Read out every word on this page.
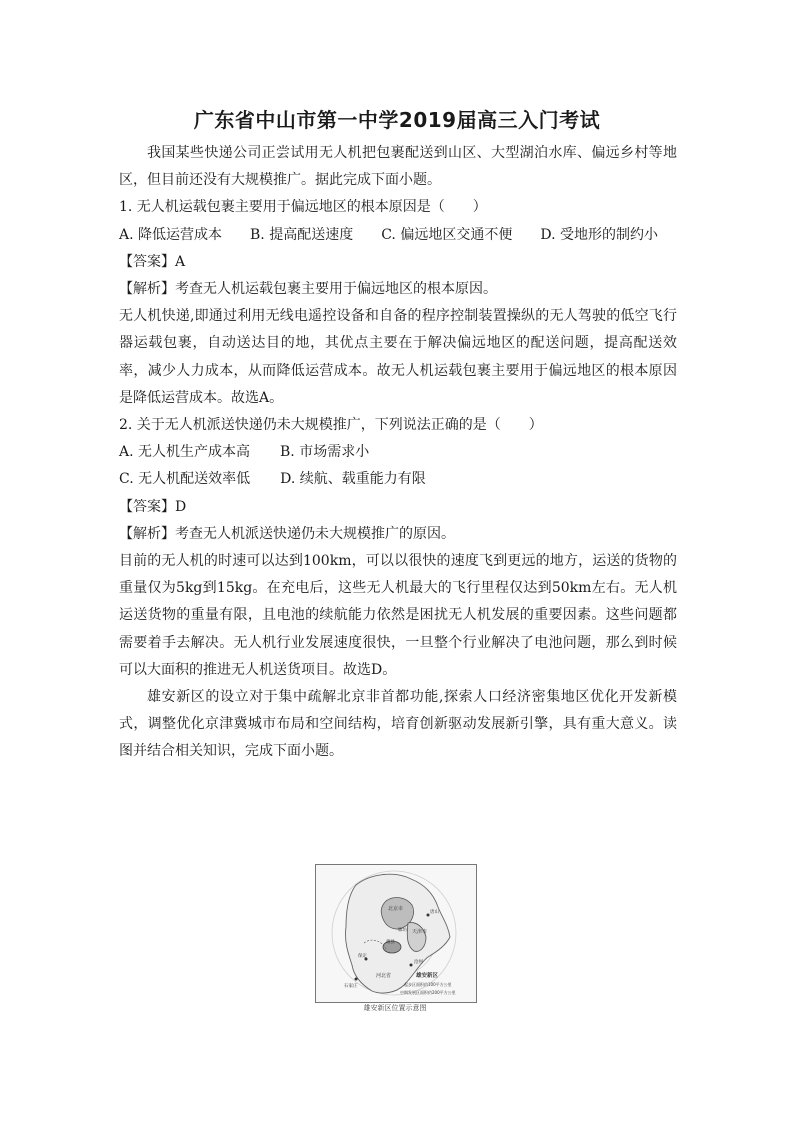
广东省中山市第一中学2019届高三入门考试

我国某些快递公司正尝试用无人机把包裹配送到山区、大型湖泊水库、偏远乡村等地区，但目前还没有大规模推广。据此完成下面小题。

1. 无人机运载包裹主要用于偏远地区的根本原因是（　　）

A. 降低运营成本 B. 提高配送速度 C. 偏远地区交通不便 D. 受地形的制约小

【答案】A

【解析】考查无人机运载包裹主要用于偏远地区的根本原因。

无人机快递,即通过利用无线电遥控设备和自备的程序控制装置操纵的无人驾驶的低空飞行器运载包裹，自动送达目的地，其优点主要在于解决偏远地区的配送问题，提高配送效率，减少人力成本，从而降低运营成本。故无人机运载包裹主要用于偏远地区的根本原因是降低运营成本。故选A。

2. 关于无人机派送快递仍未大规模推广，下列说法正确的是（　　）

A. 无人机生产成本高 B. 市场需求小

C. 无人机配送效率低 D. 续航、载重能力有限

【答案】D

【解析】考查无人机派送快递仍未大规模推广的原因。

目前的无人机的时速可以达到100km，可以以很快的速度飞到更远的地方，运送的货物的重量仅为5kg到15kg。在充电后，这些无人机最大的飞行里程仅达到50km左右。无人机运送货物的重量有限，且电池的续航能力依然是困扰无人机发展的重要因素。这些问题都需要着手去解决。无人机行业发展速度很快，一旦整个行业解决了电池问题，那么到时候可以大面积的推进无人机送货项目。故选D。

雄安新区的设立对于集中疏解北京非首都功能,探索人口经济密集地区优化开发新模式，调整优化京津冀城市布局和空间结构，培育创新驱动发展新引擎，具有重大意义。读图并结合相关知识，完成下面小题。

北京市
天津市
廊坊
保定
雄县
沧州
河北省
石家庄
唐山
雄安新区
起步区面积约100平方公里
中期发展区面积约200平方公里
雄安新区位置示意图
